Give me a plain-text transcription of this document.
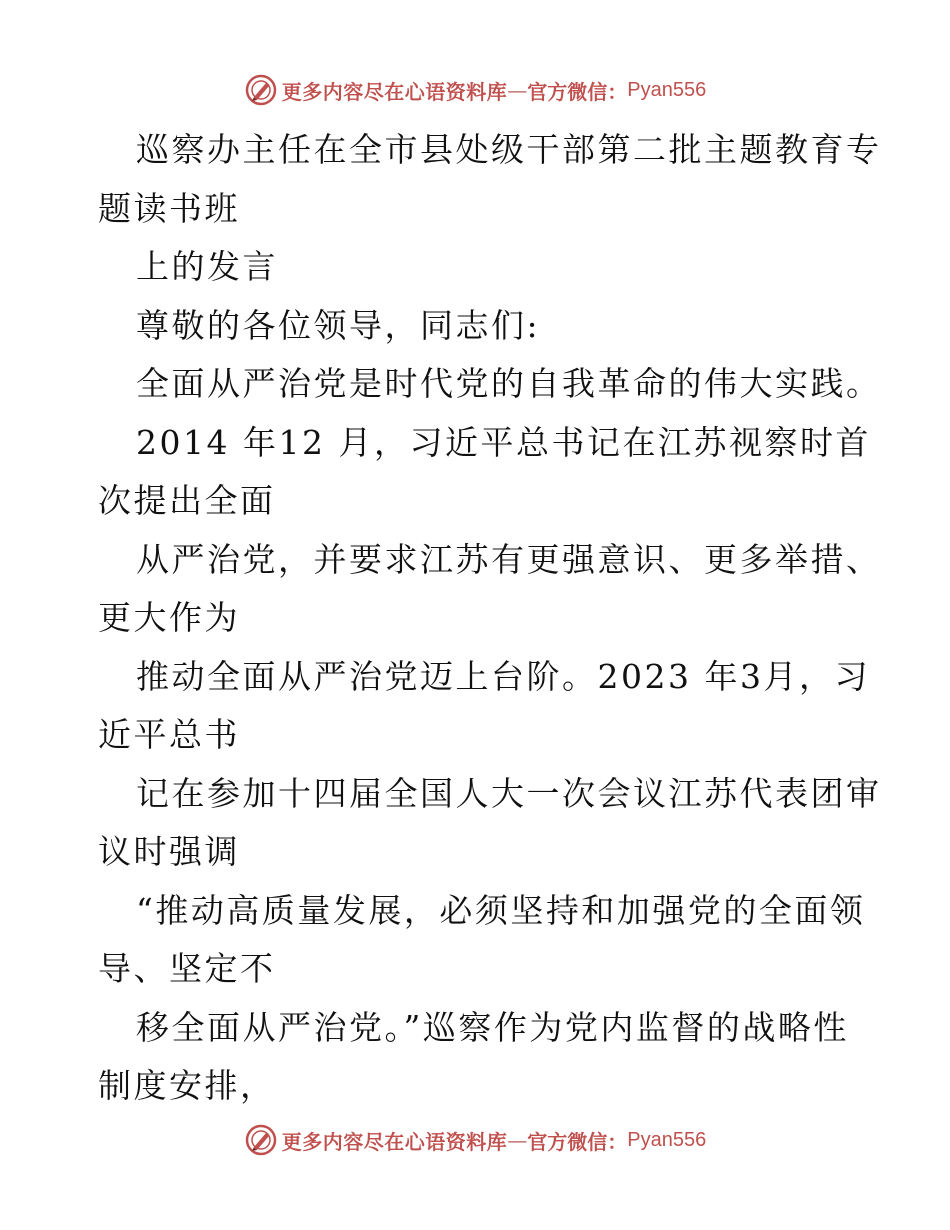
更多内容尽在心语资料库 — 官方微信： Pyan556
巡察办主任在全市县处级干部第二批主题教育专
题读书班
上的发言
尊敬的各位领导，同志们:
全面从严治党是时代党的自我革命的伟大实践。
2014 年12 月，习近平总书记在江苏视察时首
次提出全面
从严治党，并要求江苏有更强意识、更多举措、
更大作为
推动全面从严治党迈上台阶。2023 年3月，习
近平总书
记在参加十四届全国人大一次会议江苏代表团审
议时强调
“推动高质量发展，必须坚持和加强党的全面领
导、坚定不
移全面从严治党。”巡察作为党内监督的战略性
制度安排，
更多内容尽在心语资料库 — 官方微信： Pyan556
